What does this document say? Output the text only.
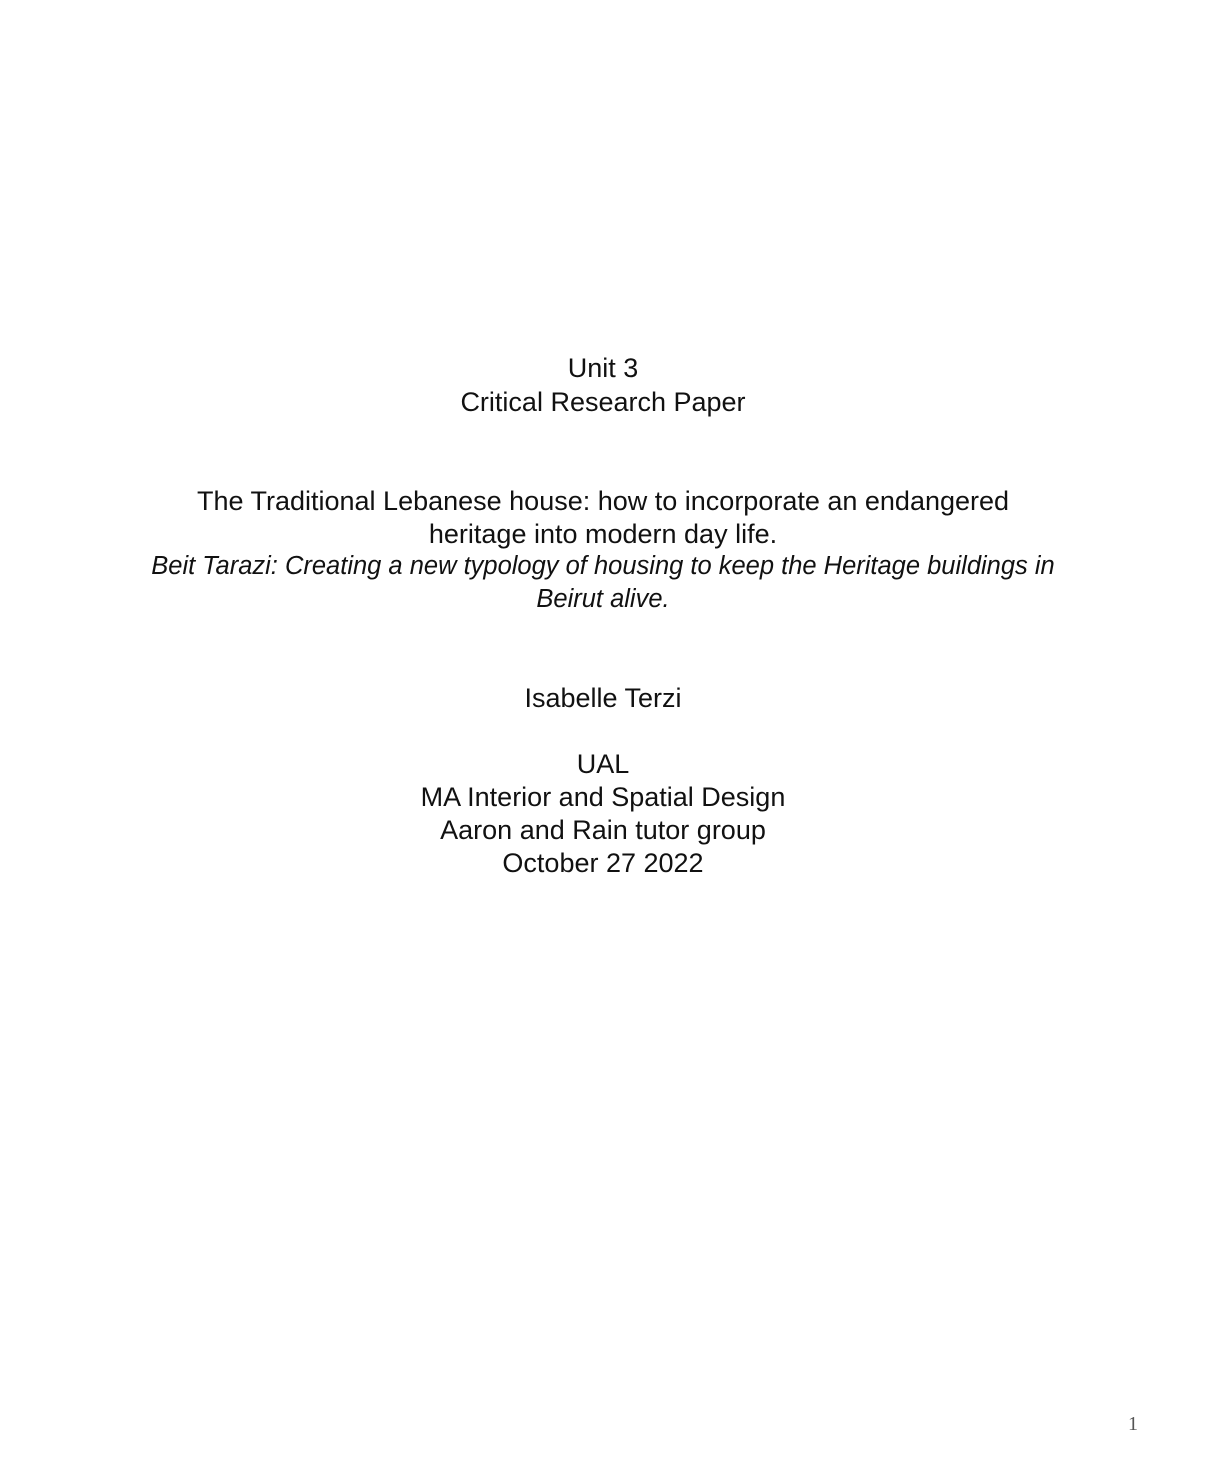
Unit 3
Critical Research Paper
The Traditional Lebanese house: how to incorporate an endangered
heritage into modern day life.
Beit Tarazi: Creating a new typology of housing to keep the Heritage buildings in
Beirut alive.
Isabelle Terzi
UAL
MA Interior and Spatial Design
Aaron and Rain tutor group
October 27 2022
1
